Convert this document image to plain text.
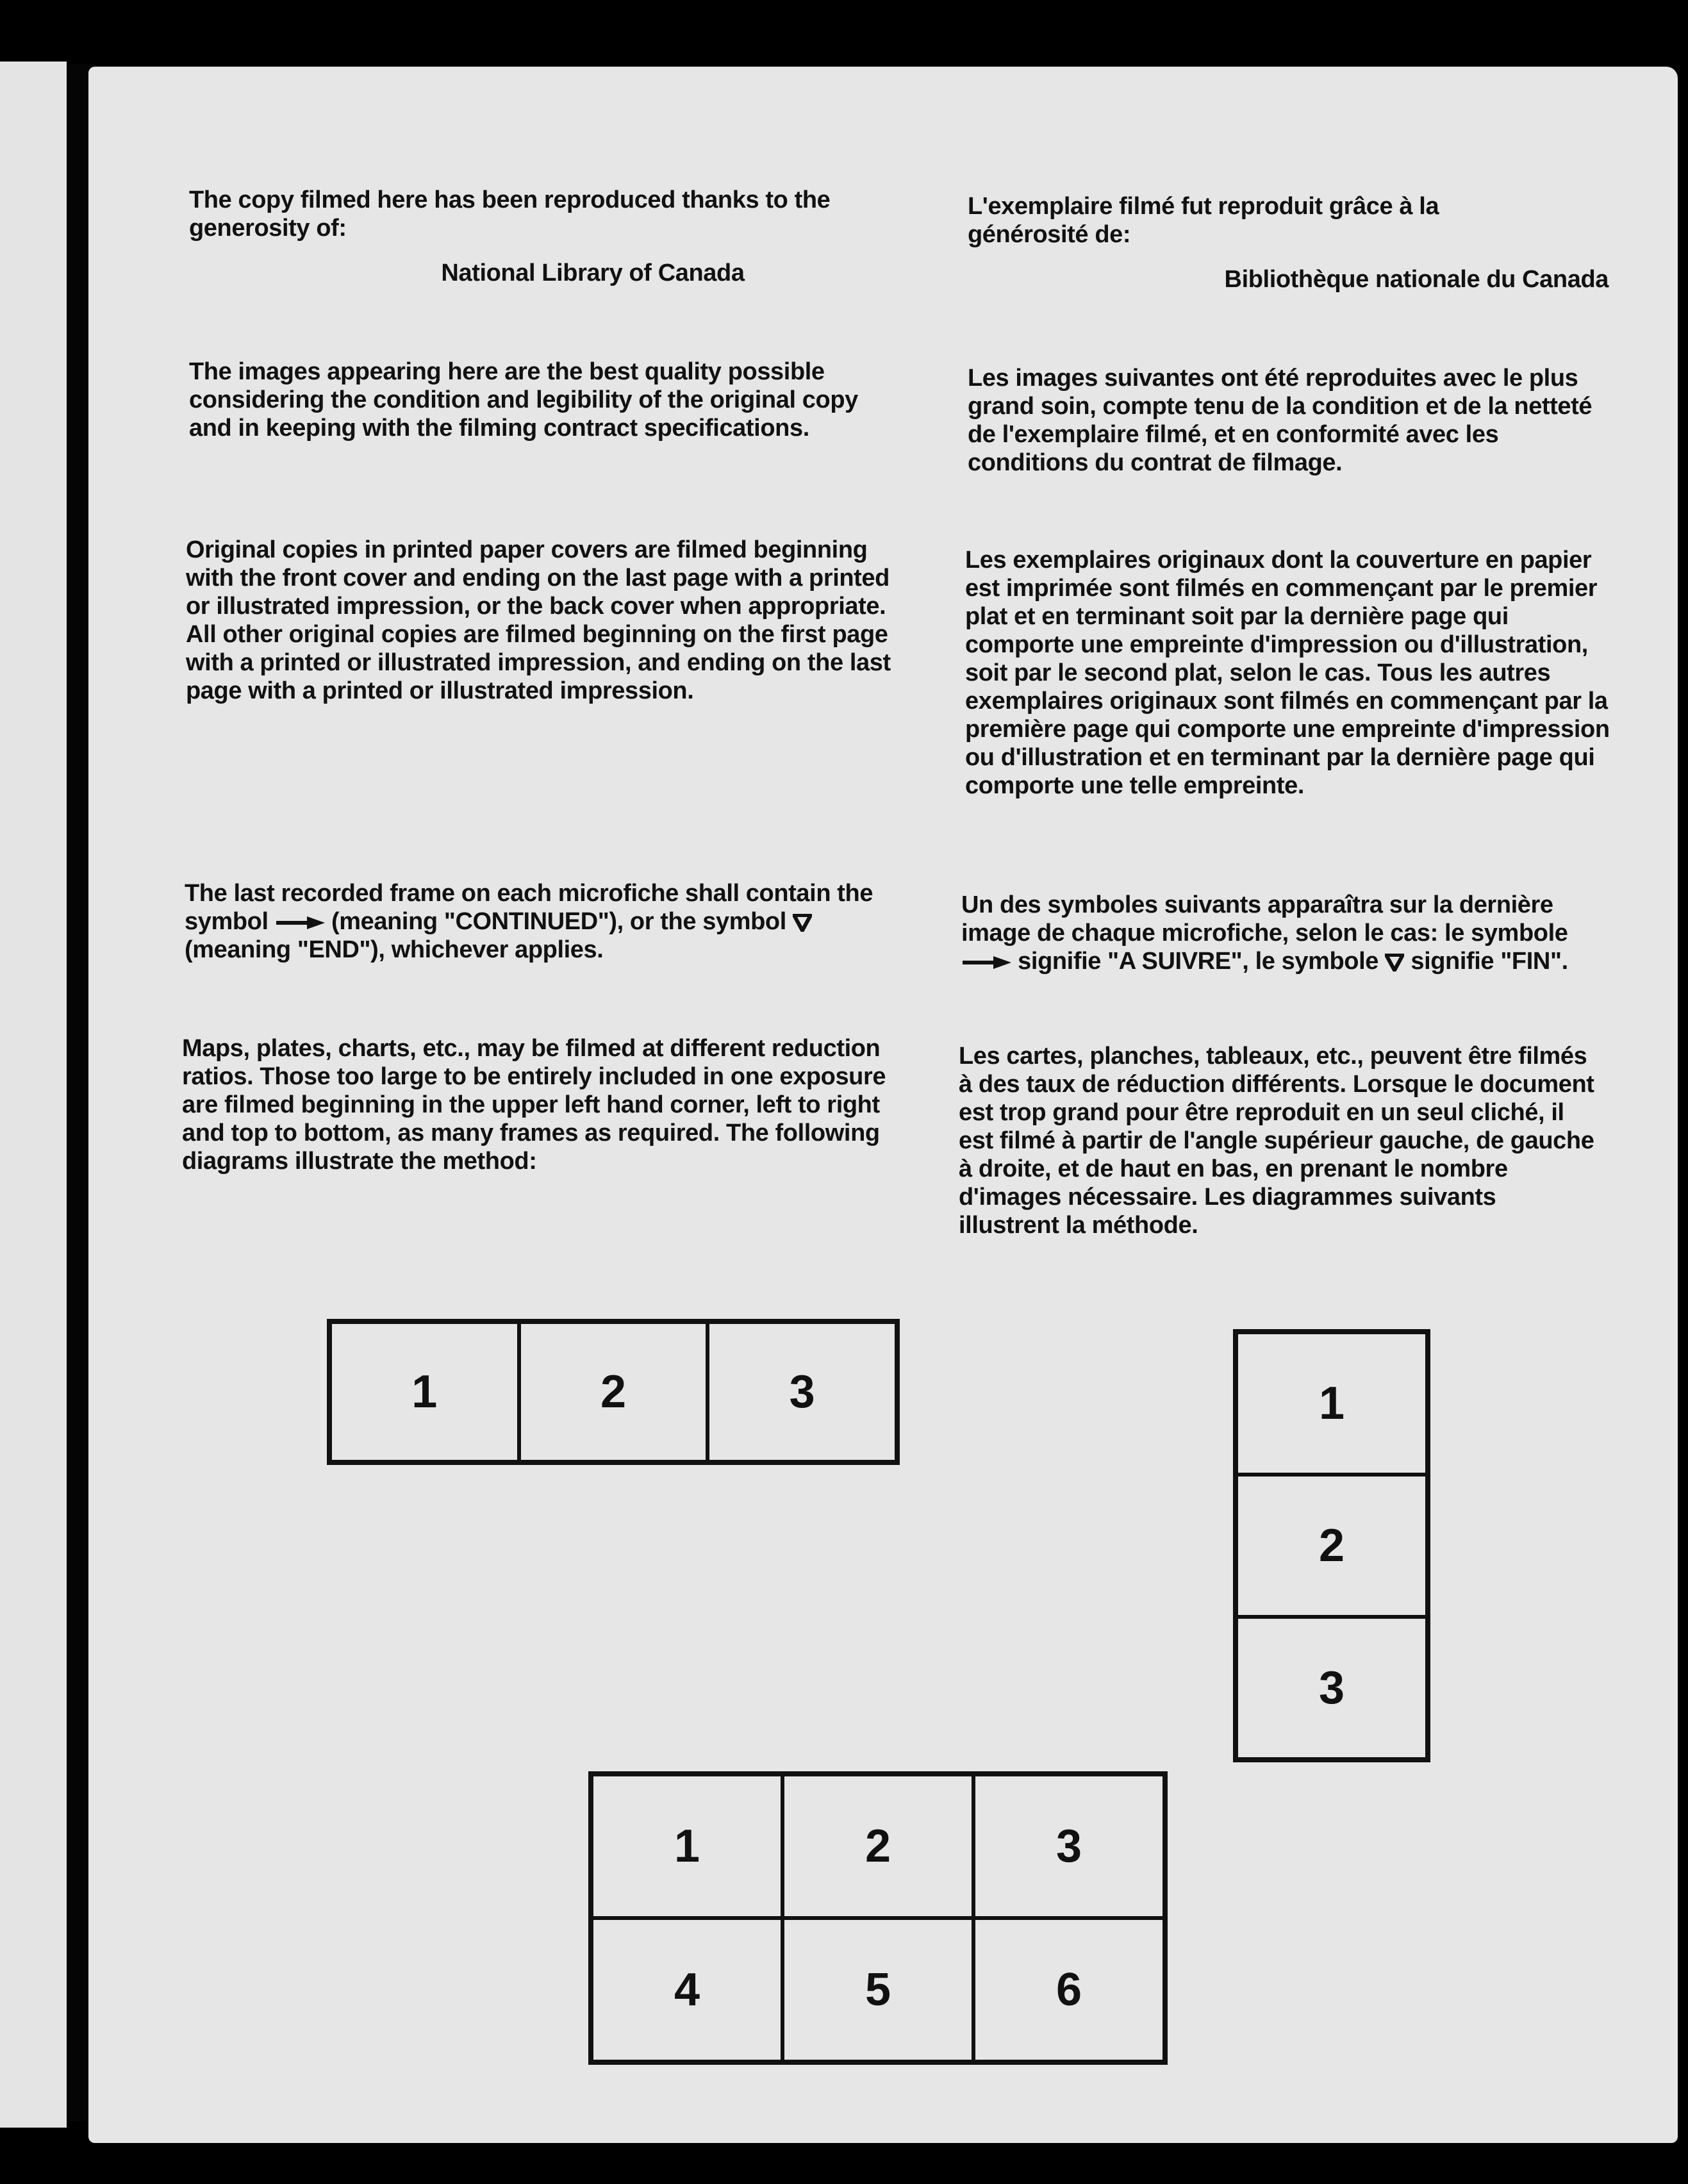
The copy filmed here has been reproduced thanks to the generosity of:

National Library of Canada

The images appearing here are the best quality possible considering the condition and legibility of the original copy and in keeping with the filming contract specifications.

Original copies in printed paper covers are filmed beginning with the front cover and ending on the last page with a printed or illustrated impression, or the back cover when appropriate. All other original copies are filmed beginning on the first page with a printed or illustrated impression, and ending on the last page with a printed or illustrated impression.

The last recorded frame on each microfiche shall contain the symbol	(meaning "CONTINUED"), or the symbol  (meaning "END"), whichever applies.

Maps, plates, charts, etc., may be filmed at different reduction ratios. Those too large to be entirely included in one exposure are filmed beginning in the upper left hand corner, left to right and top to bottom, as many frames as required. The following diagrams illustrate the method:

L'exemplaire filmé fut reproduit grâce à la générosité de:

Bibliothèque nationale du Canada

Les images suivantes ont été reproduites avec le plus grand soin, compte tenu de la condition et de la netteté de l'exemplaire filmé, et en conformité avec les conditions du contrat de filmage.

Les exemplaires originaux dont la couverture en papier est imprimée sont filmés en commençant par le premier plat et en terminant soit par la dernière page qui comporte une empreinte d'impression ou d'illustration, soit par le second plat, selon le cas. Tous les autres exemplaires originaux sont filmés en commençant par la première page qui comporte une empreinte d'impression ou d'illustration et en terminant par la dernière page qui comporte une telle empreinte.

Un des symboles suivants apparaîtra sur la dernière image de chaque microfiche, selon le cas: le symbole  signifie "A SUIVRE", le symbole signifie "FIN".

Les cartes, planches, tableaux, etc., peuvent être filmés à des taux de réduction différents. Lorsque le document est trop grand pour être reproduit en un seul cliché, il est filmé à partir de l'angle supérieur gauche, de gauche à droite, et de haut en bas, en prenant le nombre d'images nécessaire. Les diagrammes suivants illustrent la méthode.

1	2	3	1
2
3
1	2	3
4	5	6
